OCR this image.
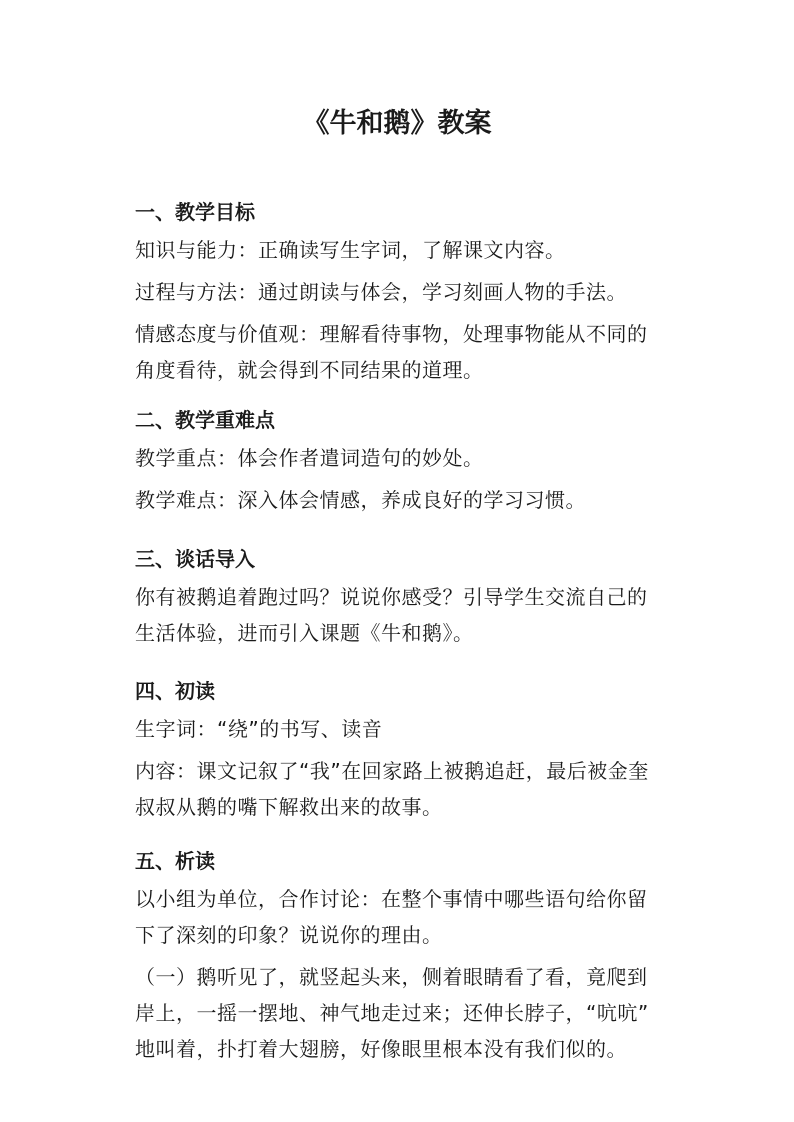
《牛和鹅》教案
一、教学目标

知识与能力：正确读写生字词，了解课文内容。

过程与方法：通过朗读与体会，学习刻画人物的手法。

情感态度与价值观：理解看待事物，处理事物能从不同的

角度看待，就会得到不同结果的道理。

二、教学重难点

教学重点：体会作者遣词造句的妙处。

教学难点：深入体会情感，养成良好的学习习惯。

三、谈话导入

你有被鹅追着跑过吗？说说你感受？引导学生交流自己的

生活体验，进而引入课题《牛和鹅》。

四、初读

生字词：“绕”的书写、读音

内容：课文记叙了“我”在回家路上被鹅追赶，最后被金奎

叔叔从鹅的嘴下解救出来的故事。

五、析读

以小组为单位，合作讨论：在整个事情中哪些语句给你留

下了深刻的印象？说说你的理由。

（一）鹅听见了，就竖起头来，侧着眼睛看了看，竟爬到

岸上，一摇一摆地、神气地走过来；还伸长脖子，“吭吭”

地叫着，扑打着大翅膀，好像眼里根本没有我们似的。
